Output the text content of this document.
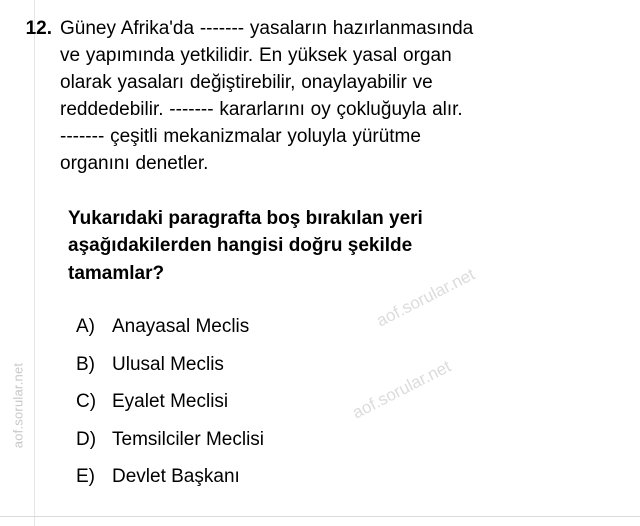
aof.sorular.net
aof.sorular.net
aof.sorular.net
12. Güney Afrika'da ------- yasaların hazırlanmasında
ve yapımında yetkilidir. En yüksek yasal organ
olarak yasaları değiştirebilir, onaylayabilir ve
reddedebilir. ------- kararlarını oy çokluğuyla alır.
------- çeşitli mekanizmalar yoluyla yürütme
organını denetler.
Yukarıdaki paragrafta boş bırakılan yeri
aşağıdakilerden hangisi doğru şekilde
tamamlar?
A) Anayasal Meclis
B) Ulusal Meclis
C) Eyalet Meclisi
D) Temsilciler Meclisi
E) Devlet Başkanı
